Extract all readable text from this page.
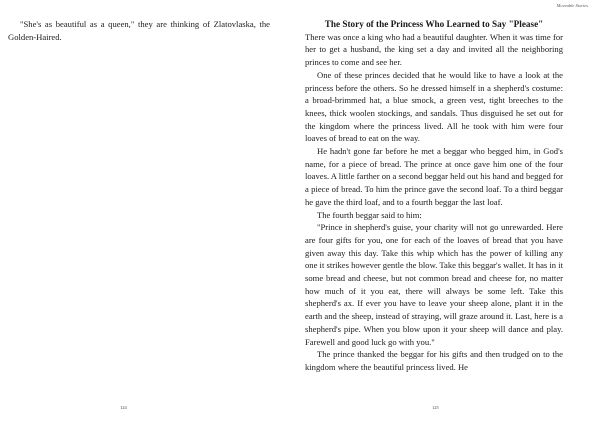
"She's as beautiful as a queen," they are thinking of Zlatovlaska, the Golden-Haired.

124
Moveable Stories
The Story of the Princess Who Learned to Say "Please"

There was once a king who had a beautiful daughter. When it was time for her to get a husband, the king set a day and invited all the neighboring princes to come and see her.

One of these princes decided that he would like to have a look at the princess before the others. So he dressed himself in a shepherd's costume: a broad-brimmed hat, a blue smock, a green vest, tight breeches to the knees, thick woolen stockings, and sandals. Thus disguised he set out for the kingdom where the princess lived. All he took with him were four loaves of bread to eat on the way.

He hadn't gone far before he met a beggar who begged him, in God's name, for a piece of bread. The prince at once gave him one of the four loaves. A little farther on a second beggar held out his hand and begged for a piece of bread. To him the prince gave the second loaf. To a third beggar he gave the third loaf, and to a fourth beggar the last loaf.

The fourth beggar said to him:

"Prince in shepherd's guise, your charity will not go unrewarded. Here are four gifts for you, one for each of the loaves of bread that you have given away this day. Take this whip which has the power of killing any one it strikes however gentle the blow. Take this beggar's wallet. It has in it some bread and cheese, but not common bread and cheese for, no matter how much of it you eat, there will always be some left. Take this shepherd's ax. If ever you have to leave your sheep alone, plant it in the earth and the sheep, instead of straying, will graze around it. Last, here is a shepherd's pipe. When you blow upon it your sheep will dance and play. Farewell and good luck go with you."

The prince thanked the beggar for his gifts and then trudged on to the kingdom where the beautiful princess lived. He

125
